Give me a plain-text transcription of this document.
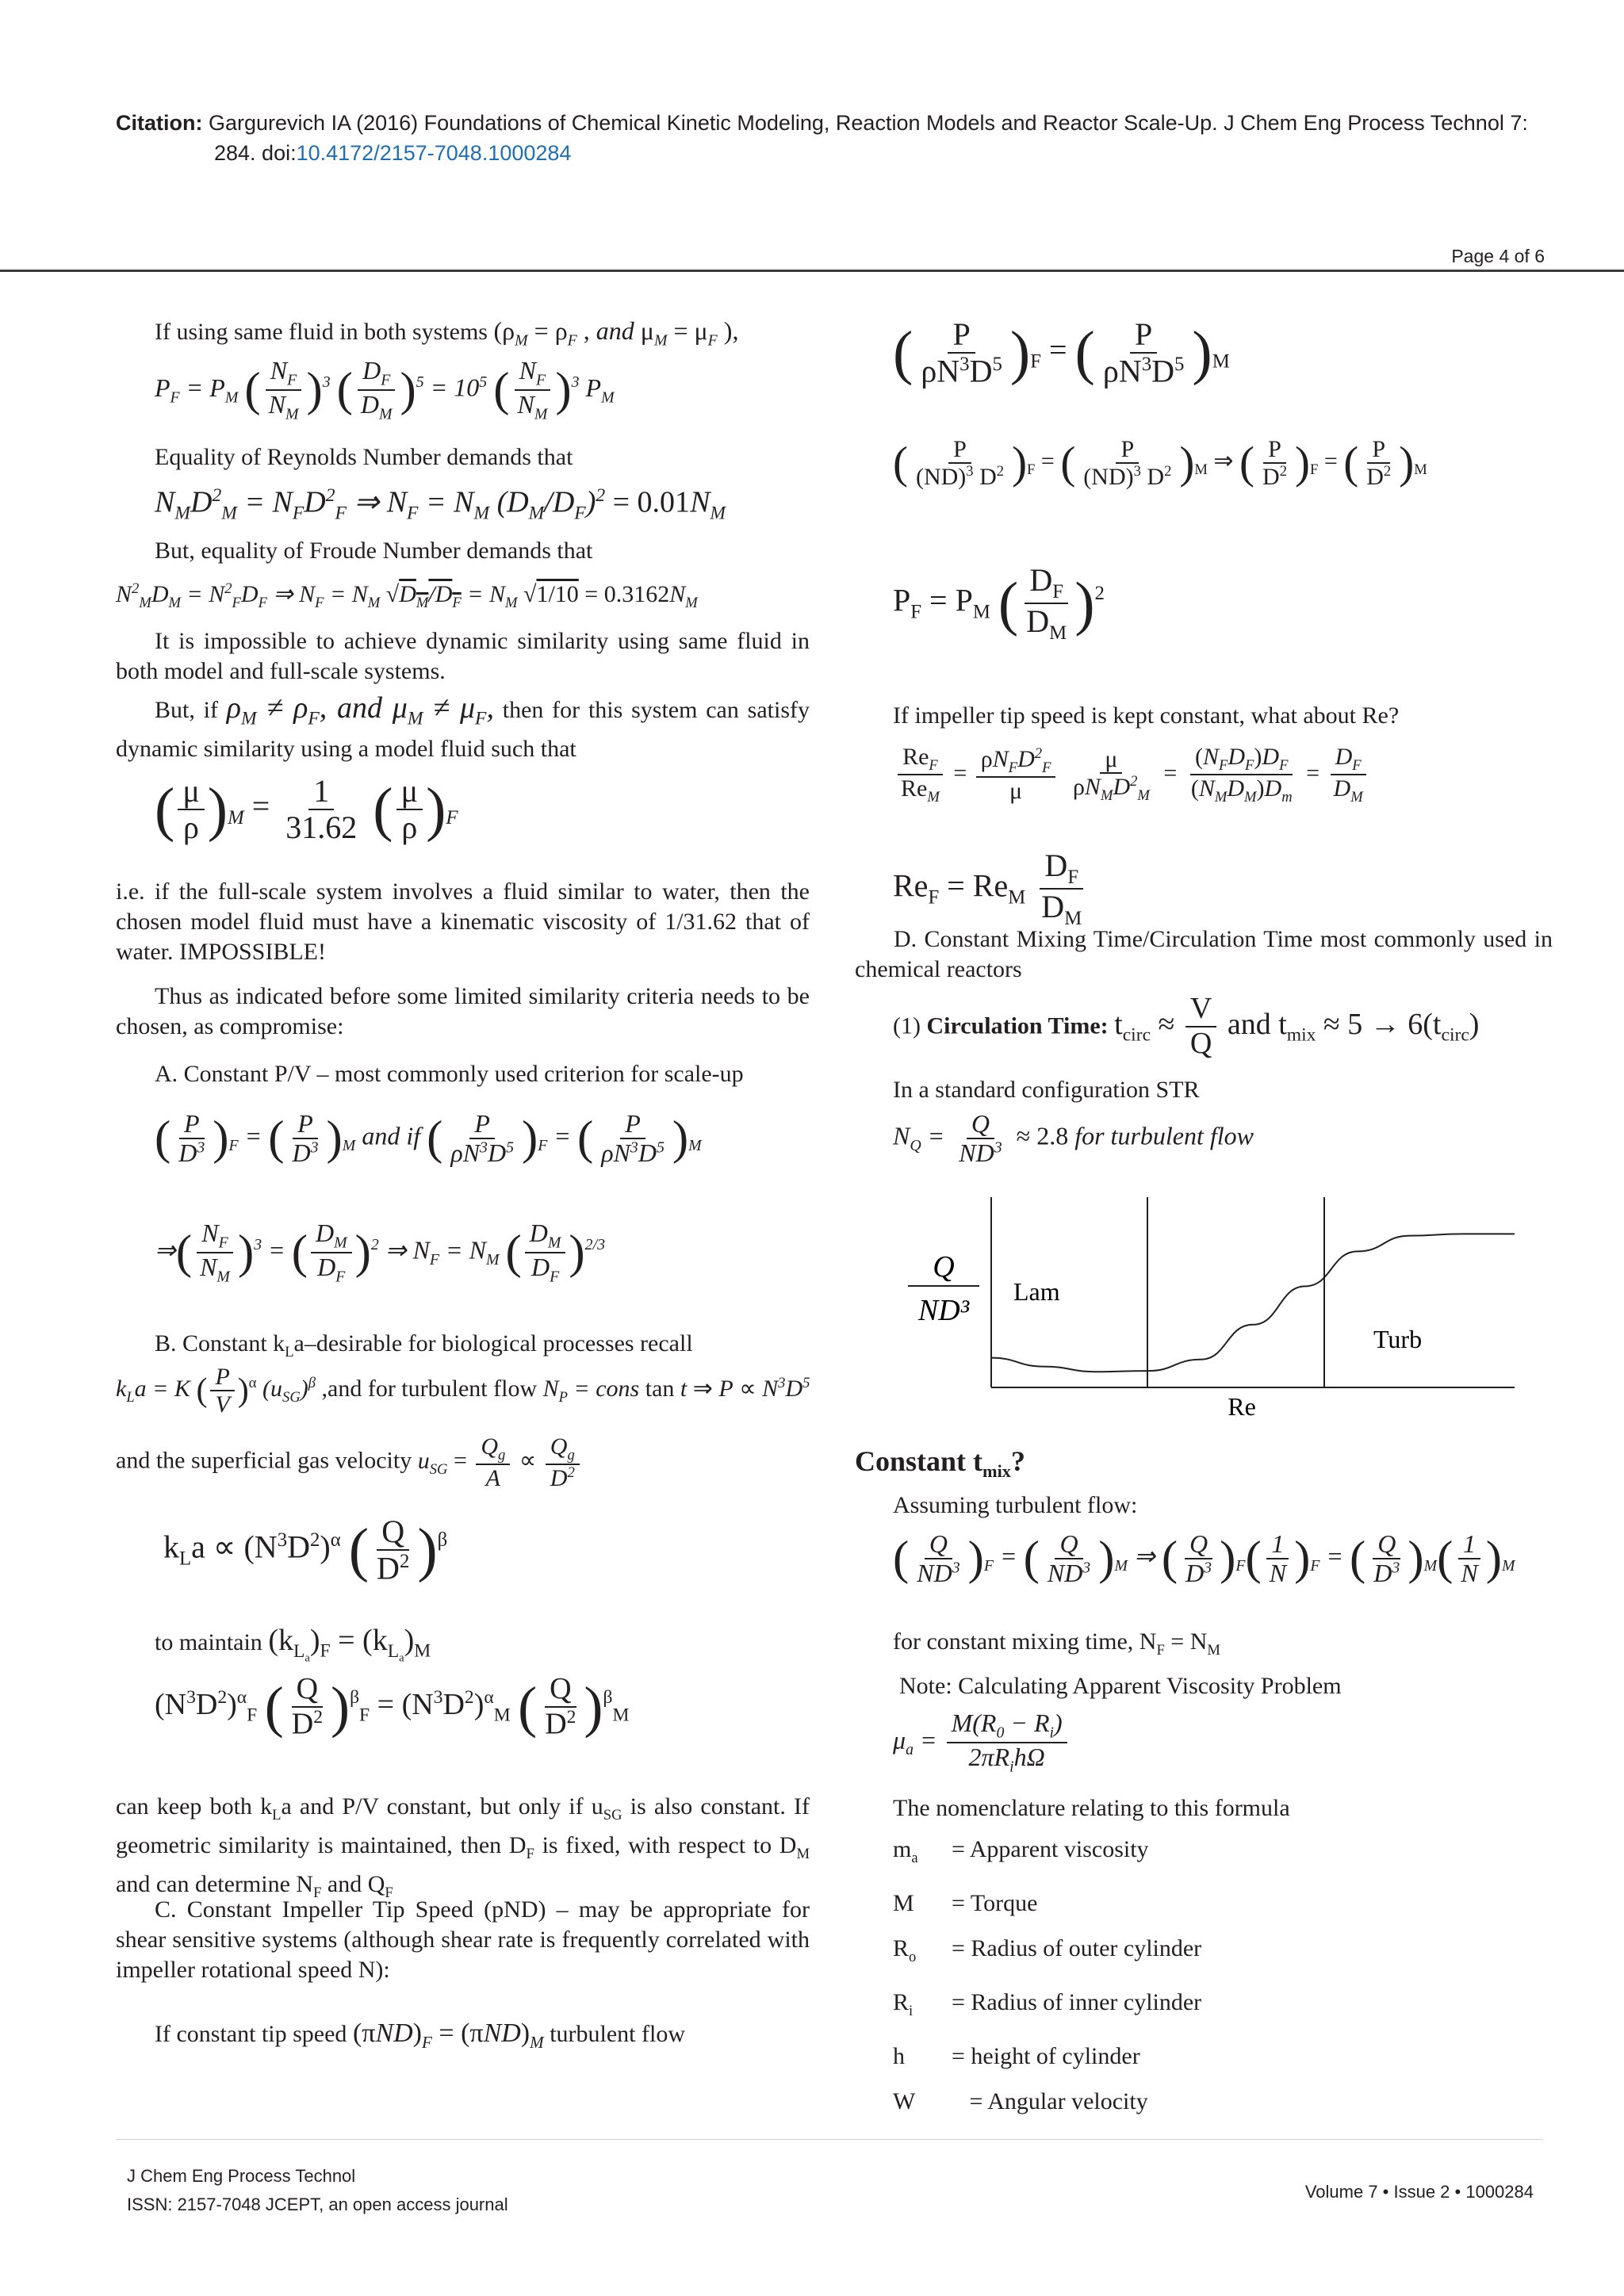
Citation: Gargurevich IA (2016) Foundations of Chemical Kinetic Modeling, Reaction Models and Reactor Scale-Up. J Chem Eng Process Technol 7:
284. doi:10.4172/2157-7048.1000284
Page 4 of 6
If using same fluid in both systems ($\rho_M = \rho_F$ , and $\mu_M = \mu_F$ ),
$P_F = P_M$ ( $\frac{N_F}{N_M} )^3$ ( $\frac{D_F}{D_M} )^5 = 10^5$ ( $\frac{N_F}{N_M} )^3$ $P_M$
Equality of Reynolds Number demands that
$N_MD^2_M = N_FD^2_F$ ⇒ $N_F = N_M$ $(D_M/D_F)^2 = 0.01N_M$
But, equality of Froude Number demands that
$N^2_MD_M = N^2_FD_F$ ⇒ $N_F = N_M$ $√D_M/D_F = N_M$ $√1/10 = 0.3162N_M$
It is impossible to achieve dynamic similarity using same fluid in both model and full-scale systems.
But, if $\rho_M \ne \rho_F$, and $\mu_M \ne \mu_F$, then for this system can satisfy dynamic similarity using a model fluid such that
( $\frac{\mu}{\rho} )_M = \frac{1}{31.62}$ ( $\frac{\mu}{\rho} )_F$
i.e. if the full-scale system involves a fluid similar to water, then the chosen model fluid must have a kinematic viscosity of 1/31.62 that of water. IMPOSSIBLE!
Thus as indicated before some limited similarity criteria needs to be chosen, as compromise:
A. Constant P/V – most commonly used criterion for scale-up
( $\frac{P}{D^3} )_F$ = ( $\frac{P}{D^3} )_M$ and if ( $\frac{P}{\rho N^3D^5} )_F$ = ( $\frac{P}{\rho N^3D^5} )_M$
⇒( $\frac{N_F}{N_M} )^3$ = ( $\frac{D_M}{D_F} )^2$ ⇒ $N_F = N_M$ ( $\frac{D_M}{D_F} )^{2/3}$
B. Constant $k_La$–desirable for biological processes recall
$k_La = K$ ( $\frac{P}{V} )^\alpha$ $(u_{SG})^\beta$ ,and for turbulent flow $N_P$ = cons tan t ⇒ $P \propto N^3D^5$
and the superficial gas velocity $u_{SG} = \frac{Q_g}{A} \propto \frac{Q_g}{D^2}$
$k_La \propto (N^3D^2)^\alpha$ ( $\frac{Q}{D^2} )^\beta$
to maintain $(k_{L_a})_F = (k_{L_a})_M$
$(N^3D^2)^\alpha_F$ ( $\frac{Q}{D^2} )^\beta_F = (N^3D^2)^\alpha_M$ ( $\frac{Q}{D^2} )^\beta_M$
can keep both $k_La$ and P/V constant, but only if $u_{SG}$ is also constant. If geometric similarity is maintained, then $D_F$ is fixed, with respect to $D_M$ and can determine $N_F$ and $Q_F$
C. Constant Impeller Tip Speed (pND) – may be appropriate for shear sensitive systems (although shear rate is frequently correlated with impeller rotational speed N):
If constant tip speed $(\pi ND)_F = (\pi ND)_M$ turbulent flow
( $\frac{P}{\rho N^3D^5} )_F$ = ( $\frac{P}{\rho N^3D^5} )_M$
( $\frac{P}{(ND)^3 D^2} )_F$ = ( $\frac{P}{(ND)^3 D^2} )_M$ ⇒ ( $\frac{P}{D^2} )_F$ = ( $\frac{P}{D^2} )_M$
$P_F = P_M$ ( $\frac{D_F}{D_M} )^2$
If impeller tip speed is kept constant, what about Re?
$\frac{Re_F}{Re_M} = \frac{\rho N_FD^2_F}{\mu}$
$\frac{\mu}{\rho N_MD^2_M} = \frac{(N_FD_F)D_F}{(N_MD_M)D_m} = \frac{D_F}{D_M}$
$Re_F = Re_M \frac{D_F}{D_M}$
D. Constant Mixing Time/Circulation Time most commonly used in chemical reactors
(1) Circulation Time: $t_{circ} \approx \frac{V}{Q}$ and $t_{mix} \approx 5 \to 6(t_{circ})$
In a standard configuration STR
$N_Q = \frac{Q}{ND^3} \approx 2.8$ for turbulent flow
Constant $t_{mix}$?
Assuming turbulent flow:
( $\frac{Q}{ND^3} )_F$ = ( $\frac{Q}{ND^3} )_M$ ⇒ ( $\frac{Q}{D^3} )_F( \frac{1}{N} )_F$ = ( $\frac{Q}{D^3} )_M( \frac{1}{N} )_M$
for constant mixing time, $N_F = N_M$
Note: Calculating Apparent Viscosity Problem
$\mu_a = \frac{M(R_0 - R_i)}{2\pi R_ih\Omega}$
The nomenclature relating to this formula
$m_a$	= Apparent viscosity
M	= Torque
$R_o$	= Radius of outer cylinder
$R_i$	= Radius of inner cylinder
h	= height of cylinder
W	= Angular velocity
Q
ND³
Lam
Turb
Re
J Chem Eng Process Technol
ISSN: 2157-7048 JCEPT, an open access journal
Volume 7 • Issue 2 • 1000284
